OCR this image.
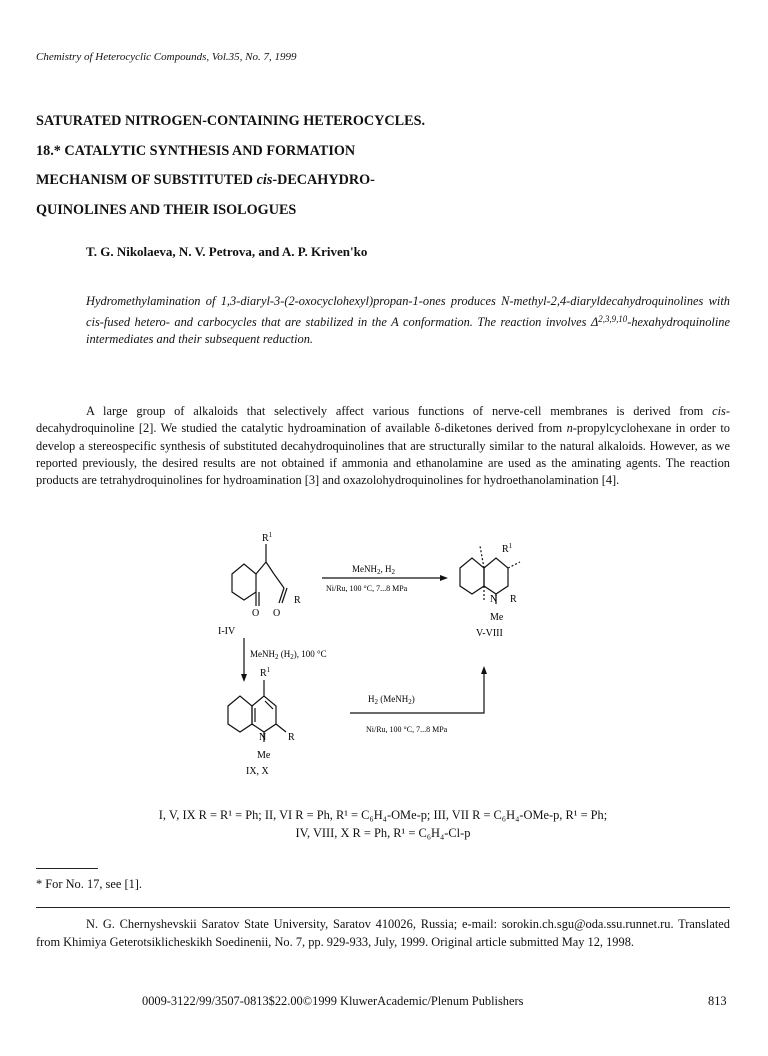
Chemistry of Heterocyclic Compounds, Vol.35, No. 7, 1999
SATURATED NITROGEN-CONTAINING HETEROCYCLES.
18.* CATALYTIC SYNTHESIS AND FORMATION
MECHANISM OF SUBSTITUTED cis-DECAHYDRO-
QUINOLINES AND THEIR ISOLOGUES
T. G. Nikolaeva, N. V. Petrova, and A. P. Kriven'ko
Hydromethylamination of 1,3-diaryl-3-(2-oxocyclohexyl)propan-1-ones produces N-methyl-2,4-diaryldecahydroquinolines with cis-fused hetero- and carbocycles that are stabilized in the A conformation. The reaction involves Δ$^{2,3,9,10}$-hexahydroquinoline intermediates and their subsequent reduction.
A large group of alkaloids that selectively affect various functions of nerve-cell membranes is derived from cis-decahydroquinoline [2]. We studied the catalytic hydroamination of available δ-diketones derived from n-propylcyclohexane in order to develop a stereospecific synthesis of substituted decahydroquinolines that are structurally similar to the natural alkaloids. However, as we reported previously, the desired results are not obtained if ammonia and ethanolamine are used as the aminating agents. The reaction products are tetrahydroquinolines for hydroamination [3] and oxazolohydroquinolines for hydroethanolamination [4].
$R^1$
O O
R
I-IV
MeNH$_2$, $H_2$
Ni/Ru, 100 °C, 7...8 MPa
$R^1$
N R
Me
V-VIII
MeNH$_2$ $(H_2)$, 100 °C
$R^1$
N R
Me
IX, X
$H_2$ (MeNH$_2$)
Ni/Ru, 100 °C, 7...8 MPa
I, V, IX R = R¹ = Ph; II, VI R = Ph, R¹ = C₆H₄-OMe-p; III, VII R = C₆H₄-OMe-p, R¹ = Ph;
IV, VIII, X R = Ph, R¹ = C₆H₄-Cl-p
* For No. 17, see [1].
N. G. Chernyshevskii Saratov State University, Saratov 410026, Russia; e-mail: sorokin.ch.sgu@oda.ssu.runnet.ru. Translated from Khimiya Geterotsiklicheskikh Soedinenii, No. 7, pp. 929-933, July, 1999. Original article submitted May 12, 1998.
0009-3122/99/3507-0813$22.00©1999 KluwerAcademic/Plenum Publishers	813
